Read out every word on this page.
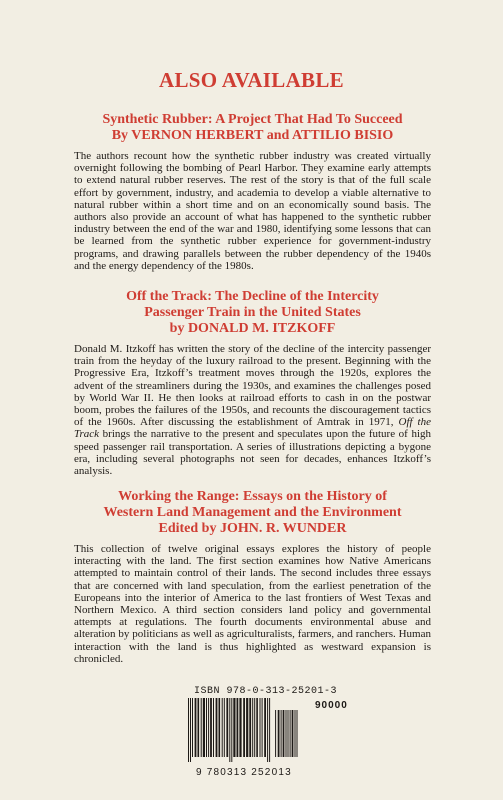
ALSO AVAILABLE
Synthetic Rubber: A Project That Had To Succeed
By VERNON HERBERT and ATTILIO BISIO
The authors recount how the synthetic rubber industry was created virtually overnight following the bombing of Pearl Harbor. They examine early attempts to extend natural rubber reserves. The rest of the story is that of the full scale effort by government, industry, and academia to develop a viable alternative to natural rubber within a short time and on an economically sound basis. The authors also provide an account of what has happened to the synthetic rubber industry between the end of the war and 1980, identifying some lessons that can be learned from the synthetic rubber experience for government-industry programs, and drawing parallels between the rubber dependency of the 1940s and the energy dependency of the 1980s.
Off the Track: The Decline of the Intercity
Passenger Train in the United States
by DONALD M. ITZKOFF
Donald M. Itzkoff has written the story of the decline of the intercity passenger train from the heyday of the luxury railroad to the present. Beginning with the Progressive Era, Itzkoff’s treatment moves through the 1920s, explores the advent of the streamliners during the 1930s, and examines the challenges posed by World War II. He then looks at railroad efforts to cash in on the postwar boom, probes the failures of the 1950s, and recounts the discouragement tactics of the 1960s. After discussing the establishment of Amtrak in 1971, Off the Track brings the narrative to the present and speculates upon the future of high speed passenger rail transportation. A series of illustrations depicting a bygone era, including several photographs not seen for decades, enhances Itzkoff’s analysis.
Working the Range: Essays on the History of
Western Land Management and the Environment
Edited by JOHN. R. WUNDER
This collection of twelve original essays explores the history of people interacting with the land. The first section examines how Native Americans attempted to maintain control of their lands. The second includes three essays that are concerned with land speculation, from the earliest penetration of the Europeans into the interior of America to the last frontiers of West Texas and Northern Mexico. A third section considers land policy and governmental attempts at regulations. The fourth documents environmental abuse and alteration by politicians as well as agriculturalists, farmers, and ranchers. Human interaction with the land is thus highlighted as westward expansion is chronicled.
ISBN 978-0-313-25201-3
90000
9 780313 252013
